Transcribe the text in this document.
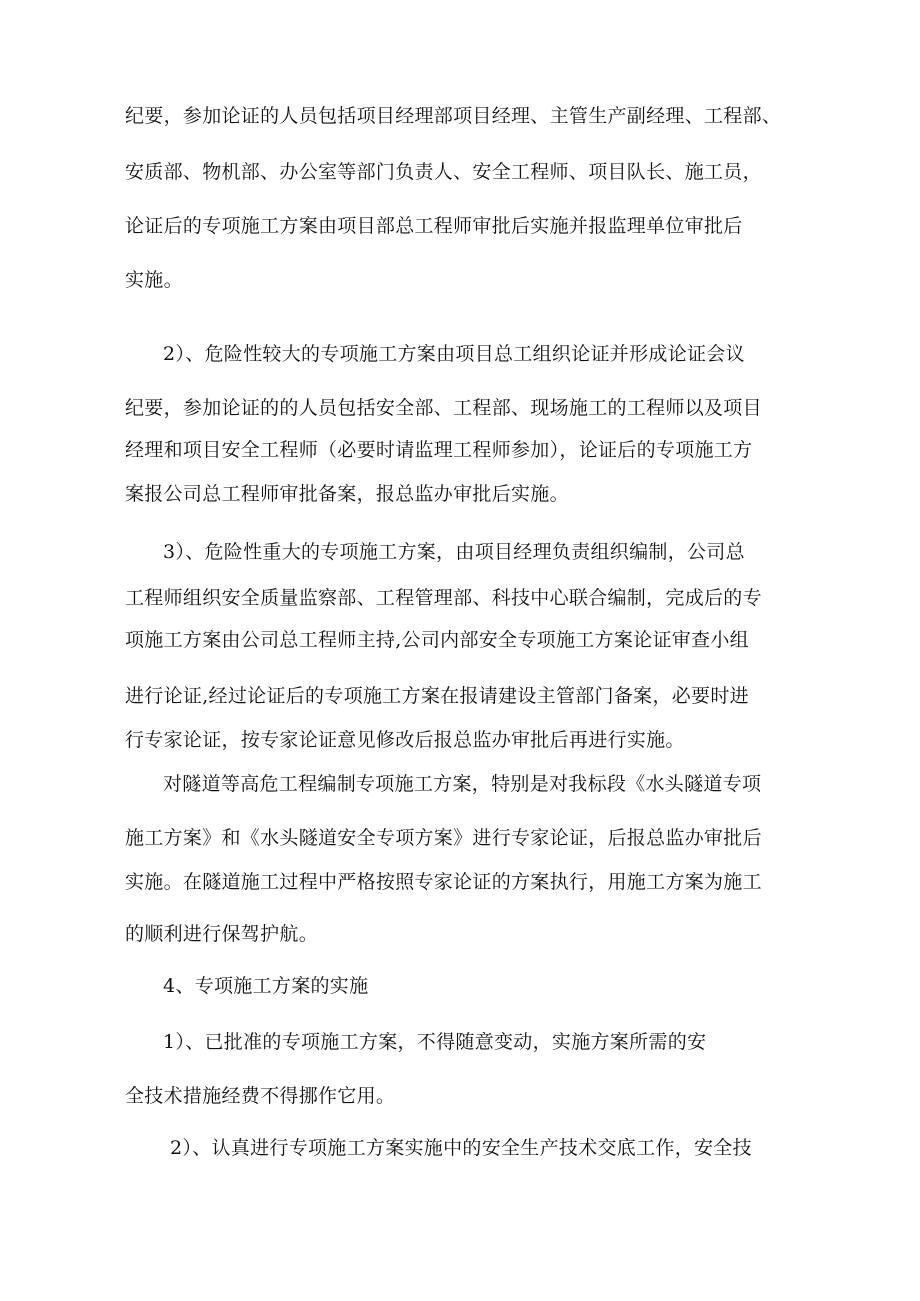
纪要，参加论证的人员包括项目经理部项目经理、主管生产副经理、工程部、
安质部、物机部、办公室等部门负责人、安全工程师、项目队长、施工员，
论证后的专项施工方案由项目部总工程师审批后实施并报监理单位审批后
实施。
2）、危险性较大的专项施工方案由项目总工组织论证并形成论证会议
纪要，参加论证的的人员包括安全部、工程部、现场施工的工程师以及项目
经理和项目安全工程师（必要时请监理工程师参加），论证后的专项施工方
案报公司总工程师审批备案，报总监办审批后实施。
3）、危险性重大的专项施工方案，由项目经理负责组织编制，公司总
工程师组织安全质量监察部、工程管理部、科技中心联合编制，完成后的专
项施工方案由公司总工程师主持,公司内部安全专项施工方案论证审查小组
进行论证,经过论证后的专项施工方案在报请建设主管部门备案，必要时进
行专家论证，按专家论证意见修改后报总监办审批后再进行实施。
对隧道等高危工程编制专项施工方案，特别是对我标段《水头隧道专项
施工方案》和《水头隧道安全专项方案》进行专家论证，后报总监办审批后
实施。在隧道施工过程中严格按照专家论证的方案执行，用施工方案为施工
的顺利进行保驾护航。
4、专项施工方案的实施
1）、已批准的专项施工方案，不得随意变动，实施方案所需的安
全技术措施经费不得挪作它用。
2）、认真进行专项施工方案实施中的安全生产技术交底工作，安全技
